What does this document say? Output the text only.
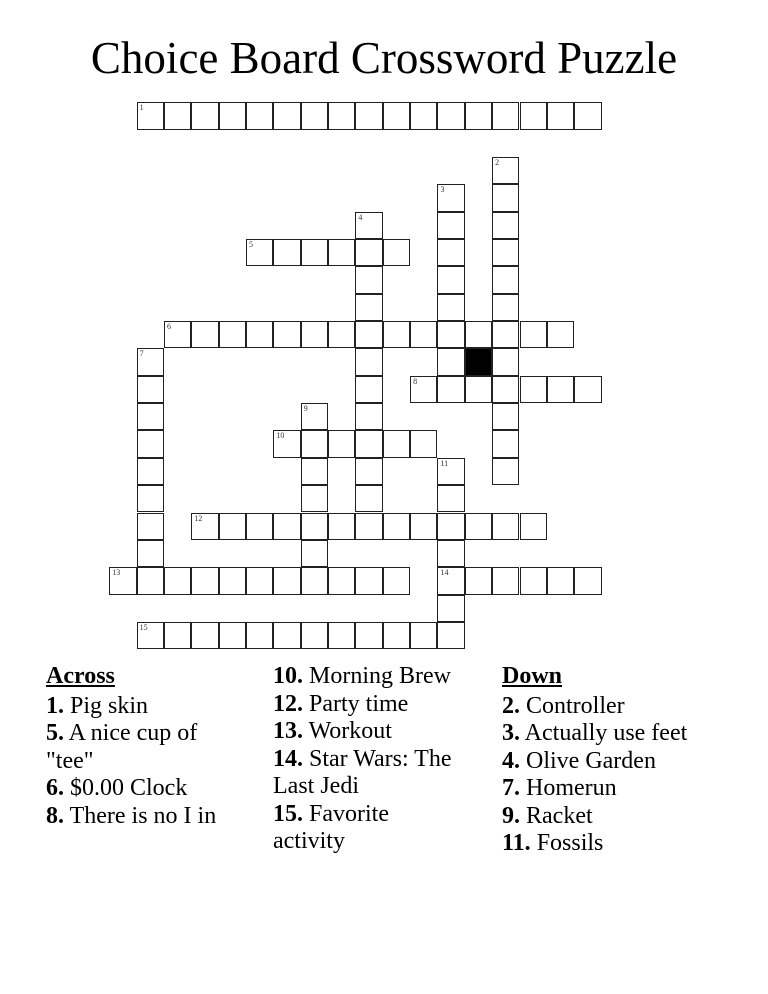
Choice Board Crossword Puzzle
1
2
3
4
5
6
7
8
9
10
11
14
12
13
15
Across
1. Pig skin
5. A nice cup of "tee"
6. $0.00 Clock
8. There is no I in
10. Morning Brew
12. Party time
13. Workout
14. Star Wars: The Last Jedi
15. Favorite activity
Down
2. Controller
3. Actually use feet
4. Olive Garden
7. Homerun
9. Racket
11. Fossils
